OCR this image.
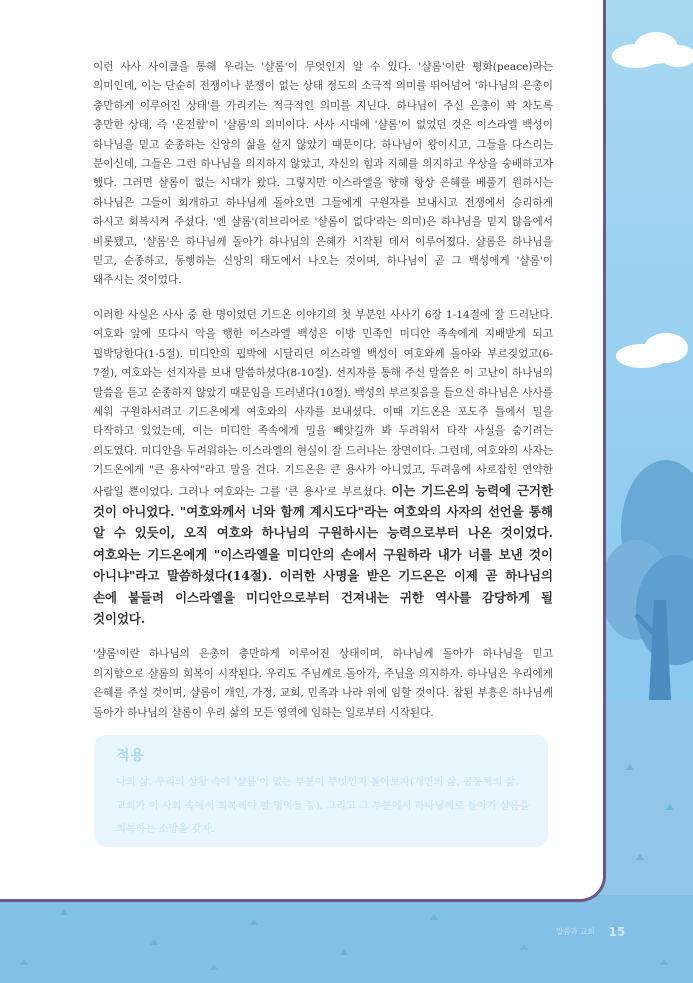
이런 사사 사이클을 통해 우리는 '샬롬'이 무엇인지 알 수 있다. '샬롬'이란 평화(peace)라는 의미인데, 이는 단순히 전쟁이나 분쟁이 없는 상태 정도의 소극적 의미를 뛰어넘어 '하나님의 은총이 충만하게 이루어진 상태'를 가리키는 적극적인 의미를 지닌다. 하나님이 주신 은총이 꽉 차도록 충만한 상태, 즉 '온전함'이 '샬롬'의 의미이다. 사사 시대에 '샬롬'이 없었던 것은 이스라엘 백성이 하나님을 믿고 순종하는 신앙의 삶을 살지 않았기 때문이다. 하나님이 왕이시고, 그들을 다스리는 분이신데, 그들은 그런 하나님을 의지하지 않았고, 자신의 힘과 지혜를 의지하고 우상을 숭배하고자 했다. 그러면 샬롬이 없는 시대가 왔다. 그렇지만 이스라엘을 향해 항상 은혜를 베풀기 원하시는 하나님은 그들이 회개하고 하나님께 돌아오면 그들에게 구원자를 보내시고 전쟁에서 승리하게 하시고 회복시켜 주셨다. '엔 샬롬'(히브리어로 '샬롬이 없다'라는 의미)은 하나님을 믿지 않음에서 비롯됐고, '샬롬'은 하나님께 돌아가 하나님의 은혜가 시작된 데서 이루어졌다. 샬롬은 하나님을 믿고, 순종하고, 동행하는 신앙의 태도에서 나오는 것이며, 하나님이 곧 그 백성에게 '샬롬'이 돼주시는 것이었다.

이러한 사실은 사사 중 한 명이었던 기드온 이야기의 첫 부분인 사사기 6장 1-14절에 잘 드러난다. 여호와 앞에 또다시 악을 행한 이스라엘 백성은 이방 민족인 미디안 족속에게 지배받게 되고 핍박당한다(1-5절). 미디안의 핍박에 시달리던 이스라엘 백성이 여호와께 돌아와 부르짖었고(6-7절), 여호와는 선지자를 보내 말씀하셨다(8-10절). 선지자를 통해 주신 말씀은 이 고난이 하나님의 말씀을 듣고 순종하지 않았기 때문임을 드러낸다(10절). 백성의 부르짖음을 들으신 하나님은 사사를 세워 구원하시려고 기드온에게 여호와의 사자를 보내셨다. 이때 기드온은 포도주 틀에서 밀을 타작하고 있었는데, 이는 미디안 족속에게 밀을 빼앗길까 봐 두려워서 타작 사실을 숨기려는 의도였다. 미디안을 두려워하는 이스라엘의 현실이 잘 드러나는 장면이다. 그런데, 여호와의 사자는 기드온에게 "큰 용사여"라고 말을 건다. 기드온은 큰 용사가 아니었고, 두려움에 사로잡힌 연약한 사람일 뿐이었다. 그러나 여호와는 그를 '큰 용사'로 부르셨다. 이는 기드온의 능력에 근거한 것이 아니었다. "여호와께서 너와 함께 계시도다"라는 여호와의 사자의 선언을 통해 알 수 있듯이, 오직 여호와 하나님의 구원하시는 능력으로부터 나온 것이었다. 여호와는 기드온에게 "이스라엘을 미디안의 손에서 구원하라 내가 너를 보낸 것이 아니냐"라고 말씀하셨다(14절). 이러한 사명을 받은 기드온은 이제 곧 하나님의 손에 붙들려 이스라엘을 미디안으로부터 건져내는 귀한 역사를 감당하게 될 것이었다.

'샬롬'이란 하나님의 은총이 충만하게 이루어진 상태이며, 하나님께 돌아가 하나님을 믿고 의지함으로 샬롬의 회복이 시작된다. 우리도 주님께로 돌아가, 주님을 의지하자. 하나님은 우리에게 은혜를 주실 것이며, 샬롬이 개인, 가정, 교회, 민족과 나라 위에 임할 것이다. 참된 부흥은 하나님께 돌아가 하나님의 샬롬이 우리 삶의 모든 영역에 임하는 일로부터 시작된다.

적용
나의 삶, 우리의 상황 속에 '샬롬'이 없는 부분이 무엇인지 돌아보자(개인의 삶, 공동체의 삶, 교회가 이 사회 속에서 회복해야 할 영역들 등). 그리고 그 부분에서 하나님께로 돌아가 샬롬을 회복하는 소망을 갖자.
말씀과 교회 · 15
